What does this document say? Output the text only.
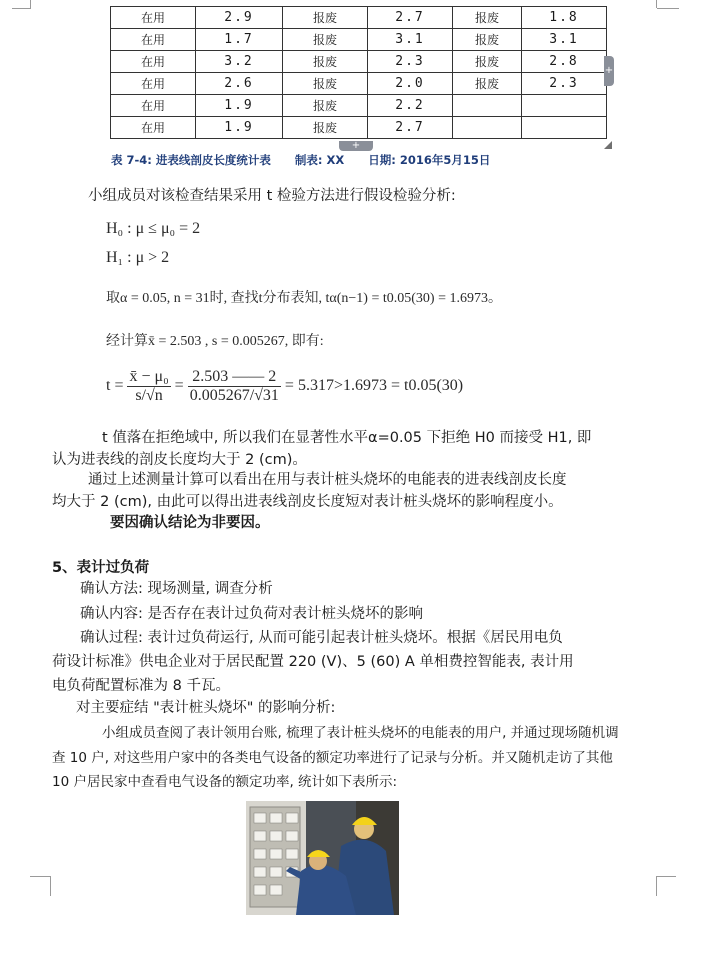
在用	2.9	报废	2.7	报废	1.8
在用	1.7	报废	3.1	报废	3.1
在用	3.2	报废	2.3	报废	2.8
在用	2.6	报废	2.0	报废	2.3
在用	1.9	报废	2.2		
在用	1.9	报废	2.7		
+
+
表 7-4: 进表线剖皮长度统计表 制表: XX 日期: 2016年5月15日
小组成员对该检查结果采用 t 检验方法进行假设检验分析:
H₀ : μ ≤ μ₀ = 2
H₁ : μ > 2
取α = 0.05, n = 31时, 查找t分布表知, tα(n−1) = t0.05(30) = 1.6973。
经计算x̄ = 2.503 , s = 0.005267, 即有:
$t = \frac{\text{x̄ − μ₀}}{s/√n} = \frac{2.503 —— 2}{0.005267/√31} = 5.317>1.6973 = t0.05(30)$
t 值落在拒绝域中, 所以我们在显著性水平α=0.05 下拒绝 H0 而接受 H1, 即
认为进表线的剖皮长度均大于 2 (cm)。
通过上述测量计算可以看出在用与表计桩头烧坏的电能表的进表线剖皮长度
均大于 2 (cm), 由此可以得出进表线剖皮长度短对表计桩头烧坏的影响程度小。
要因确认结论为非要因。
5、表计过负荷
确认方法: 现场测量, 调查分析
确认内容: 是否存在表计过负荷对表计桩头烧坏的影响
确认过程: 表计过负荷运行, 从而可能引起表计桩头烧坏。根据《居民用电负
荷设计标准》供电企业对于居民配置 220 (V)、5 (60) A 单相费控智能表, 表计用
电负荷配置标准为 8 千瓦。
对主要症结 "表计桩头烧坏" 的影响分析:
小组成员查阅了表计领用台账, 梳理了表计桩头烧坏的电能表的用户, 并通过现场随机调
查 10 户, 对这些用户家中的各类电气设备的额定功率进行了记录与分析。并又随机走访了其他
10 户居民家中查看电气设备的额定功率, 统计如下表所示:
